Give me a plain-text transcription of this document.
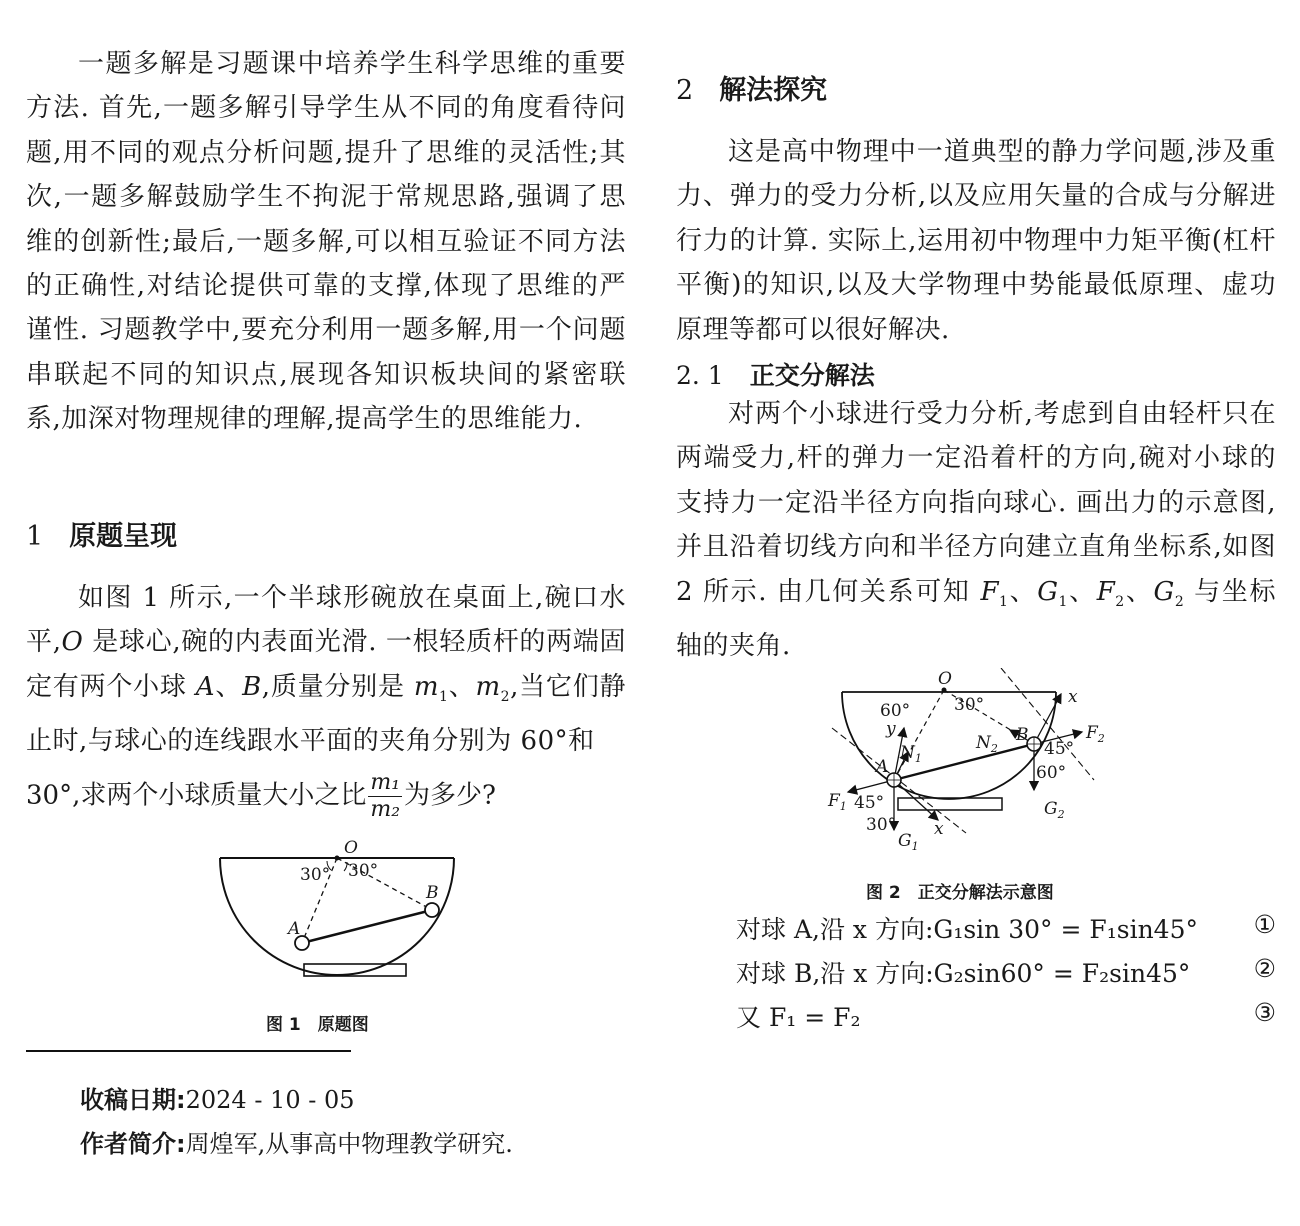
一题多解是习题课中培养学生科学思维的重要方法. 首先,一题多解引导学生从不同的角度看待问题,用不同的观点分析问题,提升了思维的灵活性;其次,一题多解鼓励学生不拘泥于常规思路,强调了思维的创新性;最后,一题多解,可以相互验证不同方法的正确性,对结论提供可靠的支撑,体现了思维的严谨性. 习题教学中,要充分利用一题多解,用一个问题串联起不同的知识点,展现各知识板块间的紧密联系,加深对物理规律的理解,提高学生的思维能力.

1 原题呈现

如图 1 所示,一个半球形碗放在桌面上,碗口水平,O 是球心,碗的内表面光滑. 一根轻质杆的两端固定有两个小球 A、B,质量分别是 $m_1$、$m_2$,当它们静止时,与球心的连线跟水平面的夹角分别为 60°和

30°,求两个小球质量大小之比 $\frac{\text{m₁}}{\text{m₂}}$ 为多少?

O
30° 30°
A
B
图 1　原题图
收稿日期:2024 - 10 - 05
作者简介:周煌军,从事高中物理教学研究.
2 解法探究

这是高中物理中一道典型的静力学问题,涉及重力、弹力的受力分析,以及应用矢量的合成与分解进行力的计算. 实际上,运用初中物理中力矩平衡(杠杆平衡)的知识,以及大学物理中势能最低原理、虚功原理等都可以很好解决.

2. 1 正交分解法

对两个小球进行受力分析,考虑到自由轻杆只在两端受力,杆的弹力一定沿着杆的方向,碗对小球的支持力一定沿半径方向指向球心. 画出力的示意图,并且沿着切线方向和半径方向建立直角坐标系,如图 2 所示. 由几何关系可知 $F_1$、$G_1$、$F_2$、$G_2$ 与坐标轴的夹角.

O
60°	30°	x
$F_2$
B
$N_2$	45°
60°
$G_2$
y
$N_1$
A
$F_1$ 45°
30° x
$G_1$
图 2　正交分解法示意图
对球 A,沿 x 方向:G₁sin 30° = F₁sin45° ①
对球 B,沿 x 方向:G₂sin60° = F₂sin45°	②
又 F₁ = F₂	③
